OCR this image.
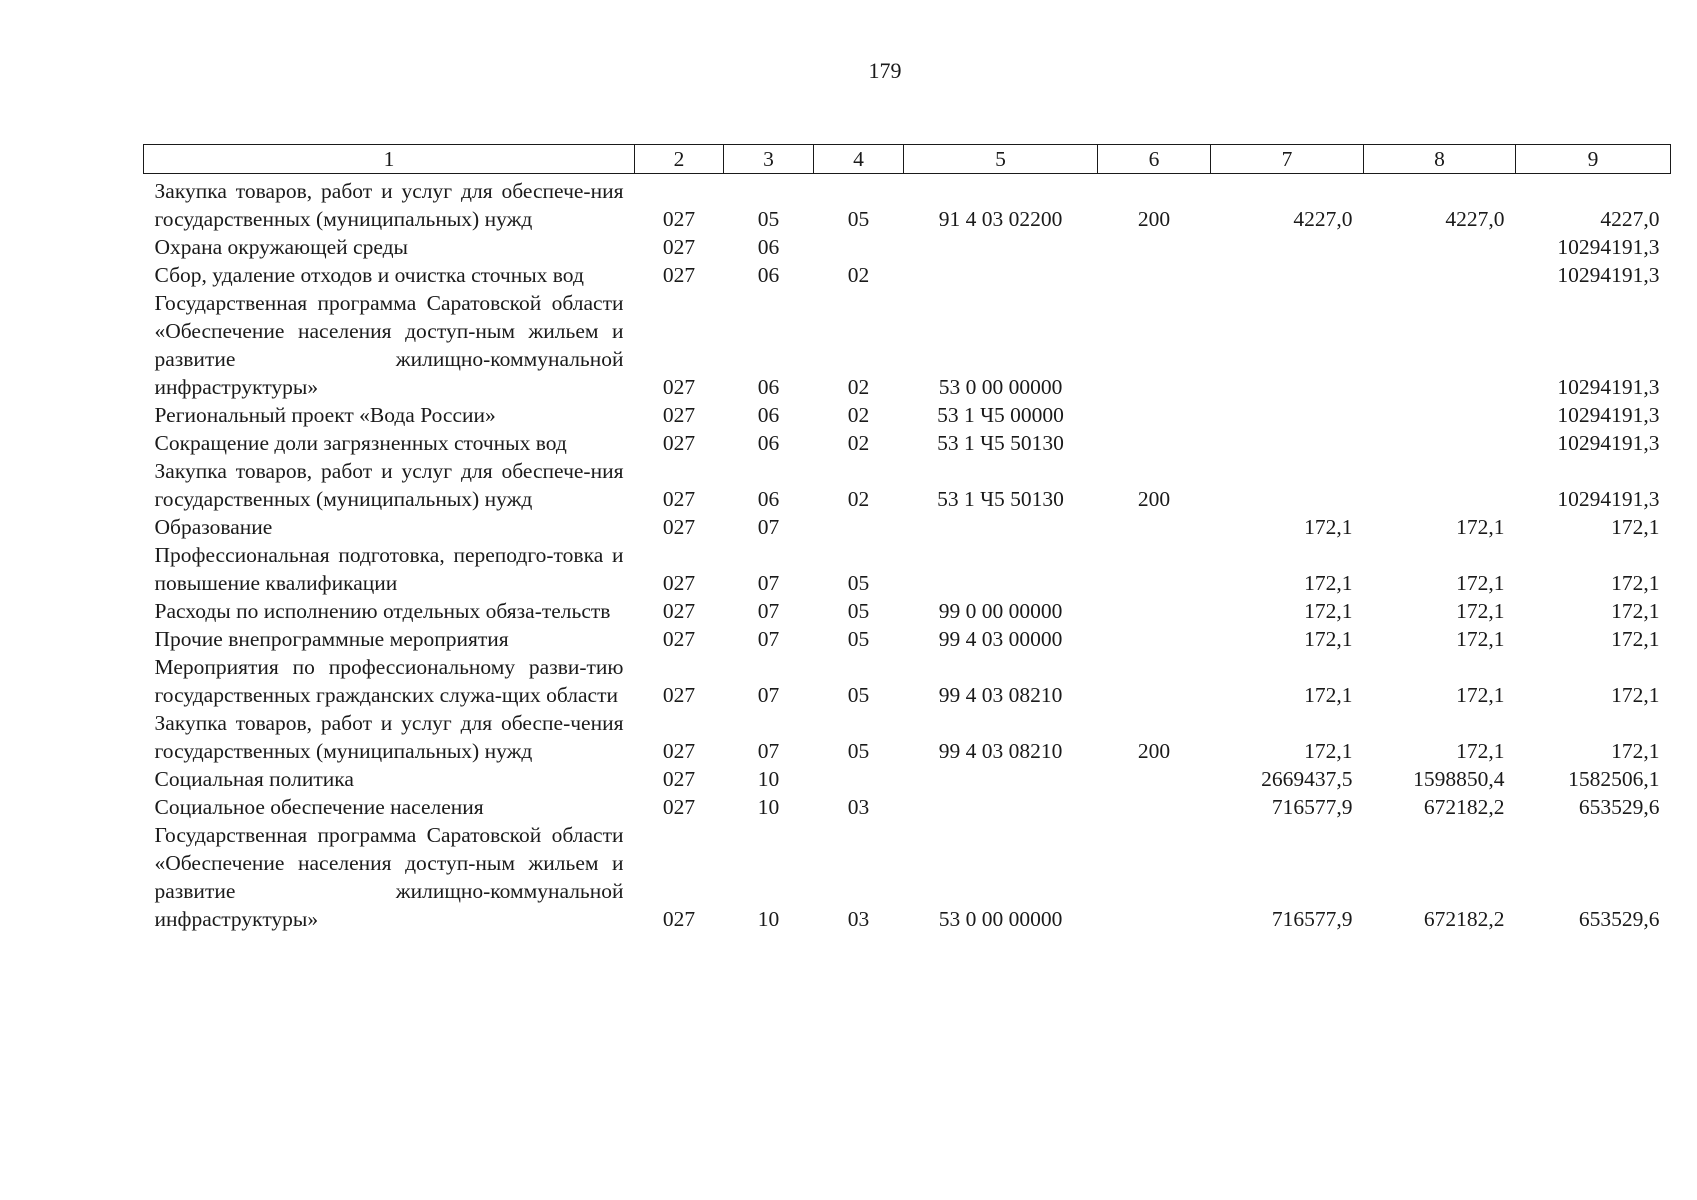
179
1	2	3	4	5	6	7	8	9
Закупка товаров, работ и услуг для обеспече-ния государственных (муниципальных) нужд	027	05	05	91 4 03 02200	200	4227,0	4227,0	4227,0
Охрана окружающей среды	027	06						10294191,3
Сбор, удаление отходов и очистка сточных вод	027	06	02					10294191,3
Государственная программа Саратовской области «Обеспечение населения доступ-ным жильем и развитие жилищно-коммунальной инфраструктуры»	027	06	02	53 0 00 00000				10294191,3
Региональный проект «Вода России»	027	06	02	53 1 Ч5 00000				10294191,3
Сокращение доли загрязненных сточных вод	027	06	02	53 1 Ч5 50130				10294191,3
Закупка товаров, работ и услуг для обеспече-ния государственных (муниципальных) нужд	027	06	02	53 1 Ч5 50130	200			10294191,3
Образование	027	07				172,1	172,1	172,1
Профессиональная подготовка, переподго-товка и повышение квалификации	027	07	05			172,1	172,1	172,1
Расходы по исполнению отдельных обяза-тельств	027	07	05	99 0 00 00000		172,1	172,1	172,1
Прочие внепрограммные мероприятия	027	07	05	99 4 03 00000		172,1	172,1	172,1
Мероприятия по профессиональному разви-тию государственных гражданских служа-щих области	027	07	05	99 4 03 08210		172,1	172,1	172,1
Закупка товаров, работ и услуг для обеспе-чения государственных (муниципальных) нужд	027	07	05	99 4 03 08210	200	172,1	172,1	172,1
Социальная политика	027	10				2669437,5	1598850,4	1582506,1
Социальное обеспечение населения	027	10	03			716577,9	672182,2	653529,6
Государственная программа Саратовской области «Обеспечение населения доступ-ным жильем и развитие жилищно-коммунальной инфраструктуры»	027	10	03	53 0 00 00000		716577,9	672182,2	653529,6
